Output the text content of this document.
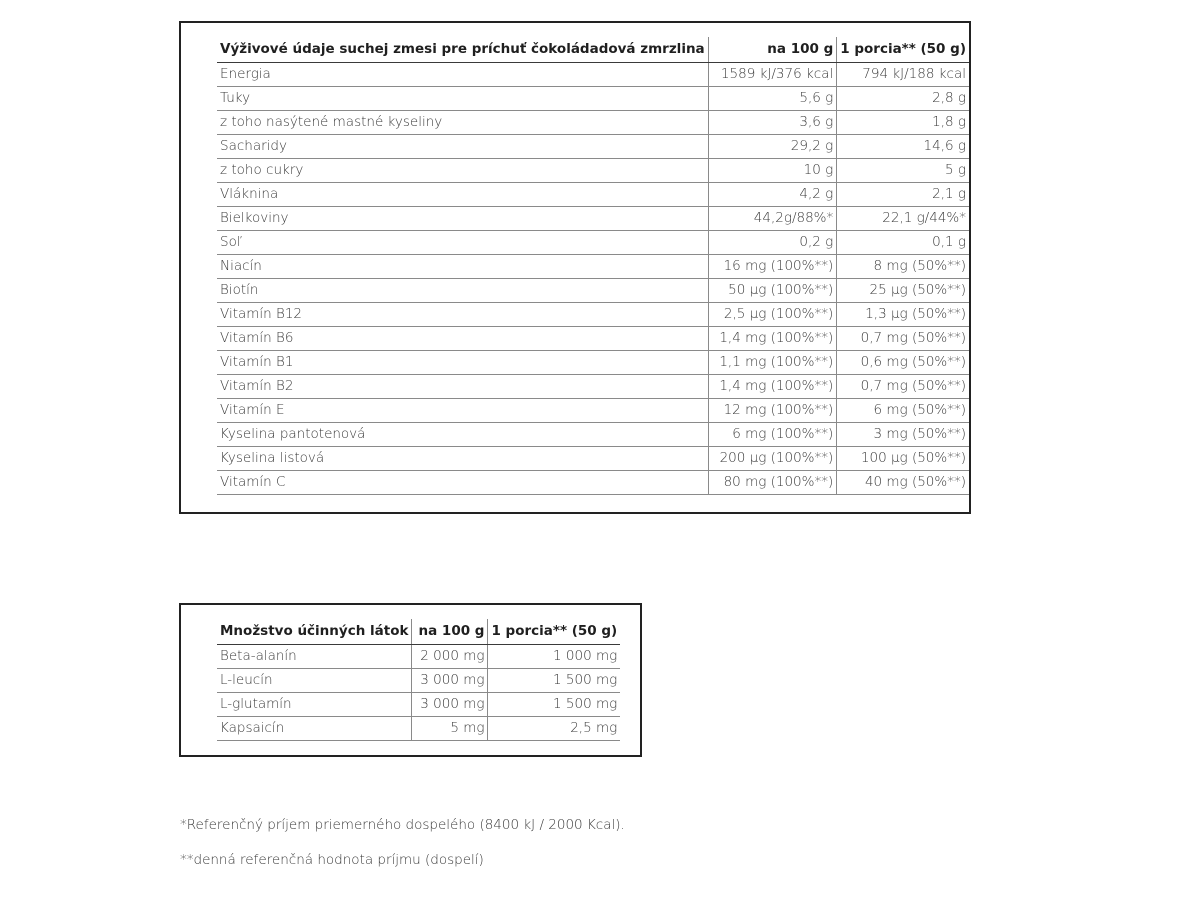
Výživové údaje suchej zmesi pre príchuť čokoládadová zmrzlina	na 100 g	1 porcia** (50 g)
Energia	1589 kJ/376 kcal	794 kJ/188 kcal
Tuky	5,6 g	2,8 g
z toho nasýtené mastné kyseliny	3,6 g	1,8 g
Sacharidy	29,2 g	14,6 g
z toho cukry	10 g	5 g
Vláknina	4,2 g	2,1 g
Bielkoviny	44,2g/88%*	22,1 g/44%*
Soľ	0,2 g	0,1 g
Niacín	16 mg (100%**)	8 mg (50%**)
Biotín	50 µg (100%**)	25 µg (50%**)
Vitamín B12	2,5 µg (100%**)	1,3 µg (50%**)
Vitamín B6	1,4 mg (100%**)	0,7 mg (50%**)
Vitamín B1	1,1 mg (100%**)	0,6 mg (50%**)
Vitamín B2	1,4 mg (100%**)	0,7 mg (50%**)
Vitamín E	12 mg (100%**)	6 mg (50%**)
Kyselina pantotenová	6 mg (100%**)	3 mg (50%**)
Kyselina listová	200 µg (100%**)	100 µg (50%**)
Vitamín C	80 mg (100%**)	40 mg (50%**)
Množstvo účinných látok	na 100 g	1 porcia** (50 g)
Beta-alanín	2 000 mg	1 000 mg
L-leucín	3 000 mg	1 500 mg
L-glutamín	3 000 mg	1 500 mg
Kapsaicín	5 mg	2,5 mg
*Referenčný príjem priemerného dospelého (8400 kJ / 2000 Kcal).
**denná referenčná hodnota príjmu (dospelí)
